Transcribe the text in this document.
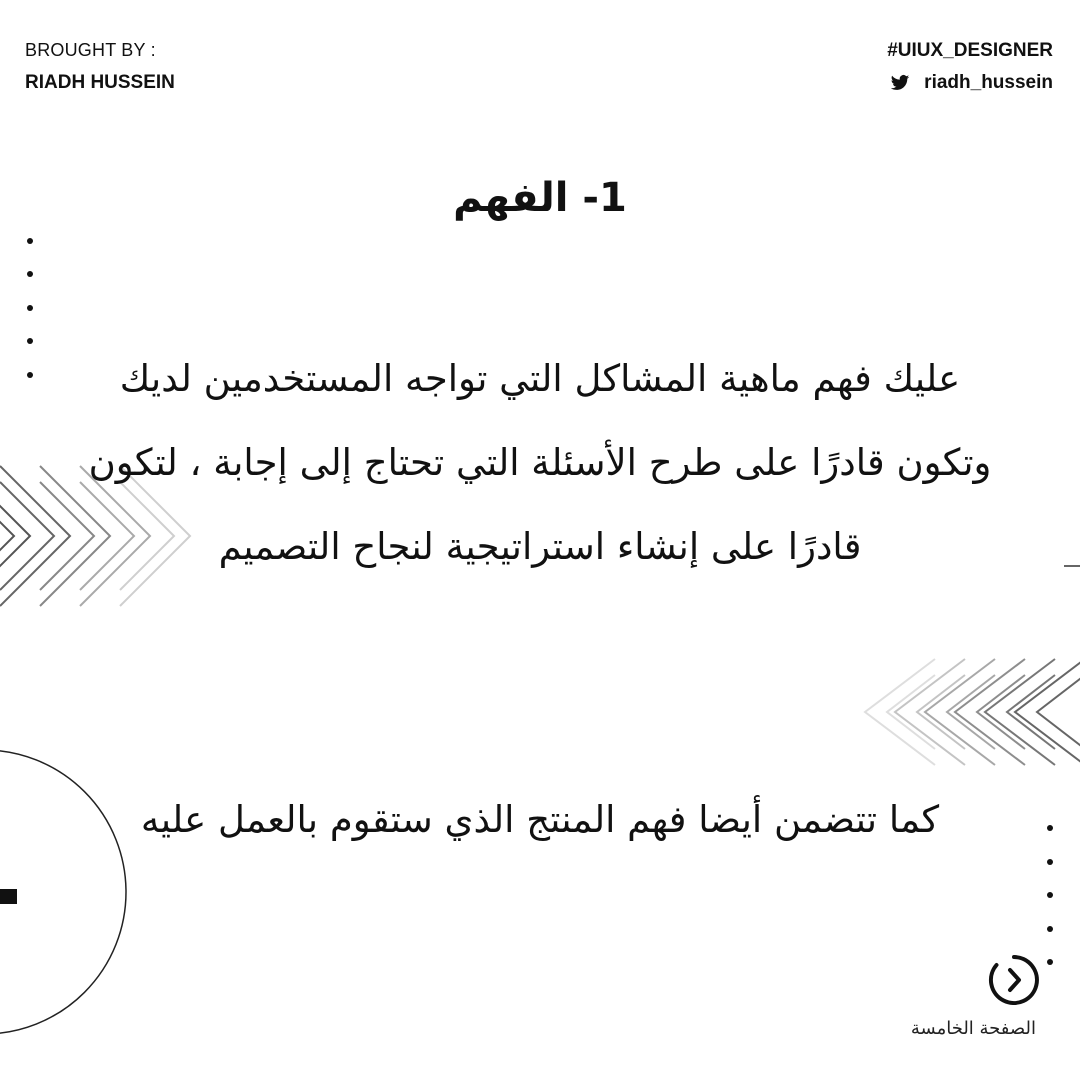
BROUGHT BY :
RIADH HUSSEIN
#UIUX_DESIGNER
riadh_hussein
1- الفهم

عليك فهم ماهية المشاكل التي تواجه المستخدمين لديك وتكون قادرًا على طرح الأسئلة التي تحتاج إلى إجابة ، لتكون قادرًا على إنشاء استراتيجية لنجاح التصميم

كما تتضمن أيضا فهم المنتج الذي ستقوم بالعمل عليه

الصفحة الخامسة
